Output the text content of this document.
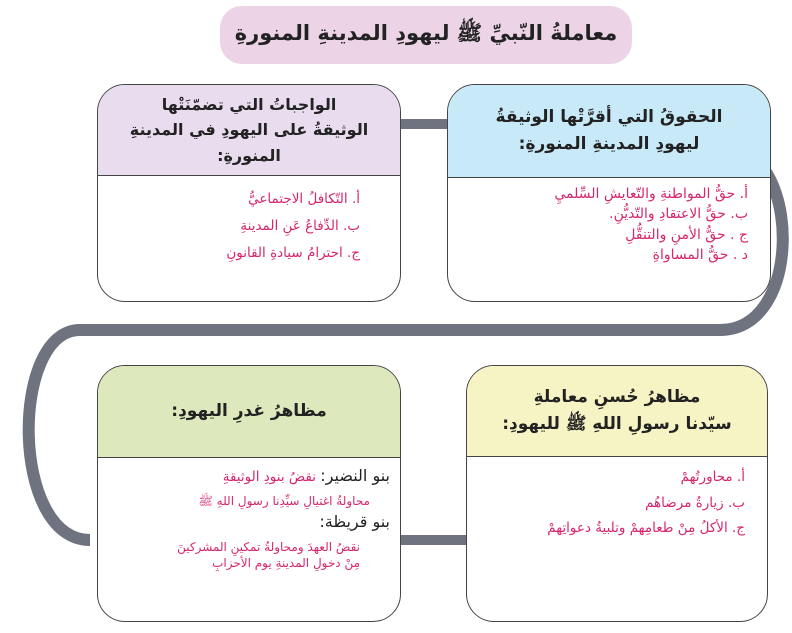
معاملةُ النّبيِّ ﷺ ليهودِ المدينةِ المنورةِ
الحقوقُ التي أقرَّتْها الوثيقةُ
ليهودِ المدينةِ المنورةِ:
أ. حقُّ المواطنةِ والتّعايشِ السِّلميِ
ب. حقُّ الاعتقادِ والتّديُّنِ.
ج . حقُّ الأمنِ والتنقُّلِ
د . حقُّ المساواةِ
الواجباتُ التي تضمّنَتْها
الوثيقةُ على اليهودِ في المدينةِ المنورةِ:
أ. التّكافلُ الاجتماعيُّ
ب. الدِّفاعُ عَنِ المدينةِ
ج. احترامُ سيادةِ القانونِ
مظاهرُ حُسنِ معاملةِ
سيّدنا رسولِ اللهِ ﷺ لليهودِ:
أ. محاورتُهمْ
ب. زيارةُ مرضاهُم
ج. الأكلُ مِنْ طعامِهمْ وتلبيةُ دعواتِهمْ
مظاهرُ غدرِ اليهودِ:
بنو النضير: نقضُ بنودِ الوثيقةِ
محاولةُ اغتيالِ سيِّدِنا رسولِ اللهِ ﷺ
بنو قريظة:
نقضُ العهدَ ومحاولةُ تمكينِ المشركينَ
مِنْ دخولِ المدينةِ يوم الأحزابِ
